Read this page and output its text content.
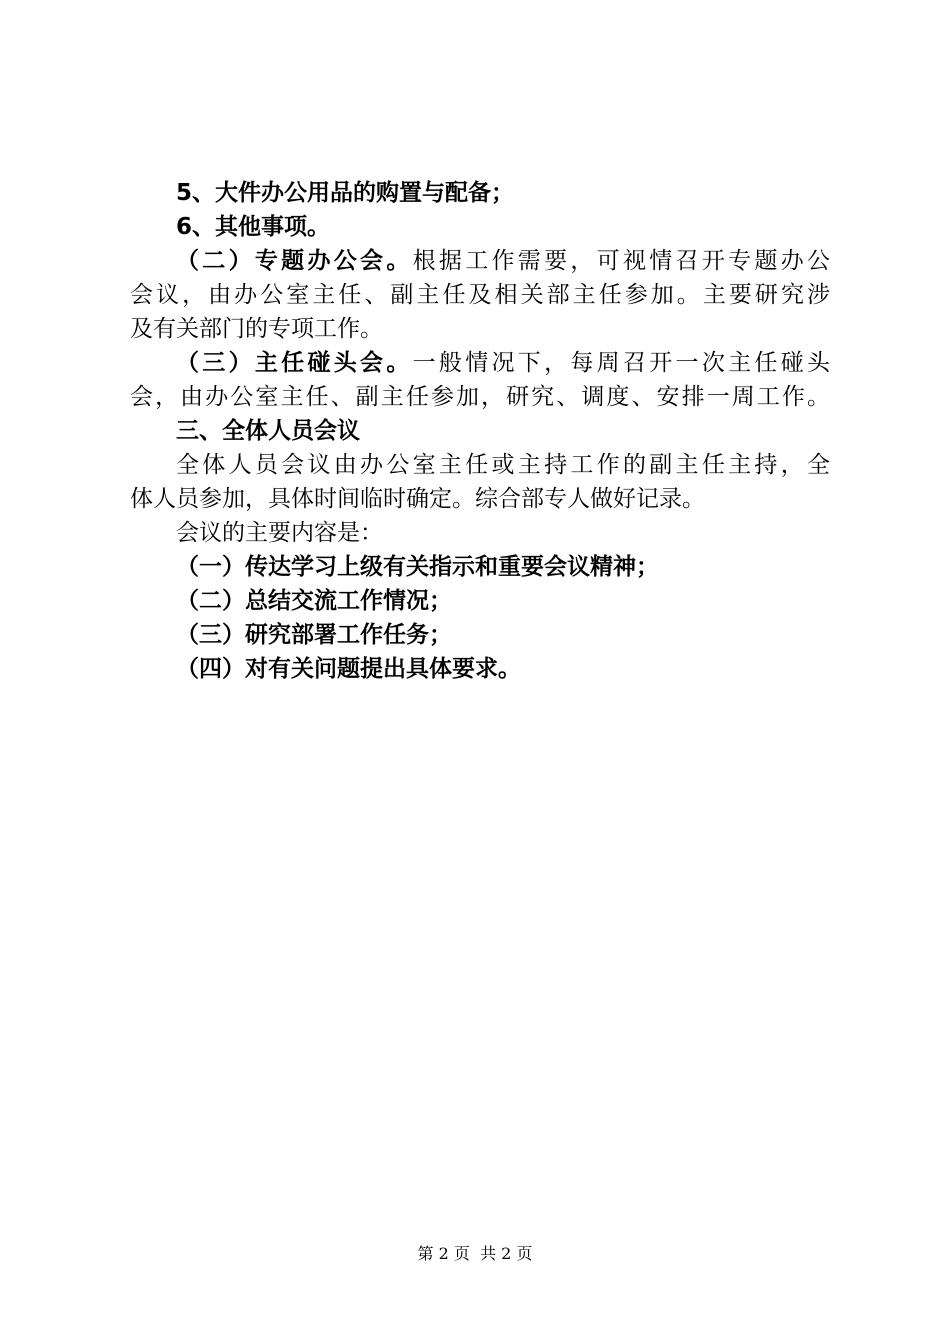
5、大件办公用品的购置与配备；
6、其他事项。
（二）专题办公会。根据工作需要，可视情召开专题办公
会议，由办公室主任、副主任及相关部主任参加。主要研究涉
及有关部门的专项工作。
（三）主任碰头会。一般情况下，每周召开一次主任碰头
会，由办公室主任、副主任参加，研究、调度、安排一周工作。
三、全体人员会议
全体人员会议由办公室主任或主持工作的副主任主持，全
体人员参加，具体时间临时确定。综合部专人做好记录。
会议的主要内容是：
（一）传达学习上级有关指示和重要会议精神；
（二）总结交流工作情况；
（三）研究部署工作任务；
（四）对有关问题提出具体要求。
第 2 页  共 2 页
